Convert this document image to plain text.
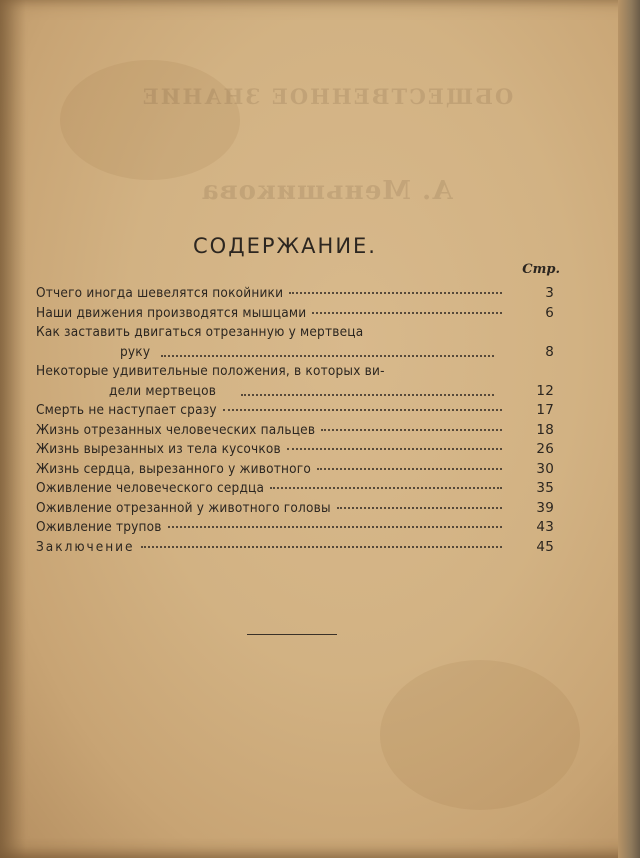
ОБЩЕСТВЕННОЕ ЗНАНИЕ
А. Меньшикова
СОДЕРЖАНИЕ.
Стр.
Отчего иногда шевелятся покойники	3
Наши движения производятся мышцами	6
Как заставить двигаться отрезанную у мертвеца
руку	8
Некоторые удивительные положения, в которых ви-
дели мертвецов	12
Смерть не наступает сразу	17
Жизнь отрезанных человеческих пальцев	18
Жизнь вырезанных из тела кусочков	26
Жизнь сердца, вырезанного у животного	30
Оживление человеческого сердца	35
Оживление отрезанной у животного головы	39
Оживление трупов	43
Заключение	45
